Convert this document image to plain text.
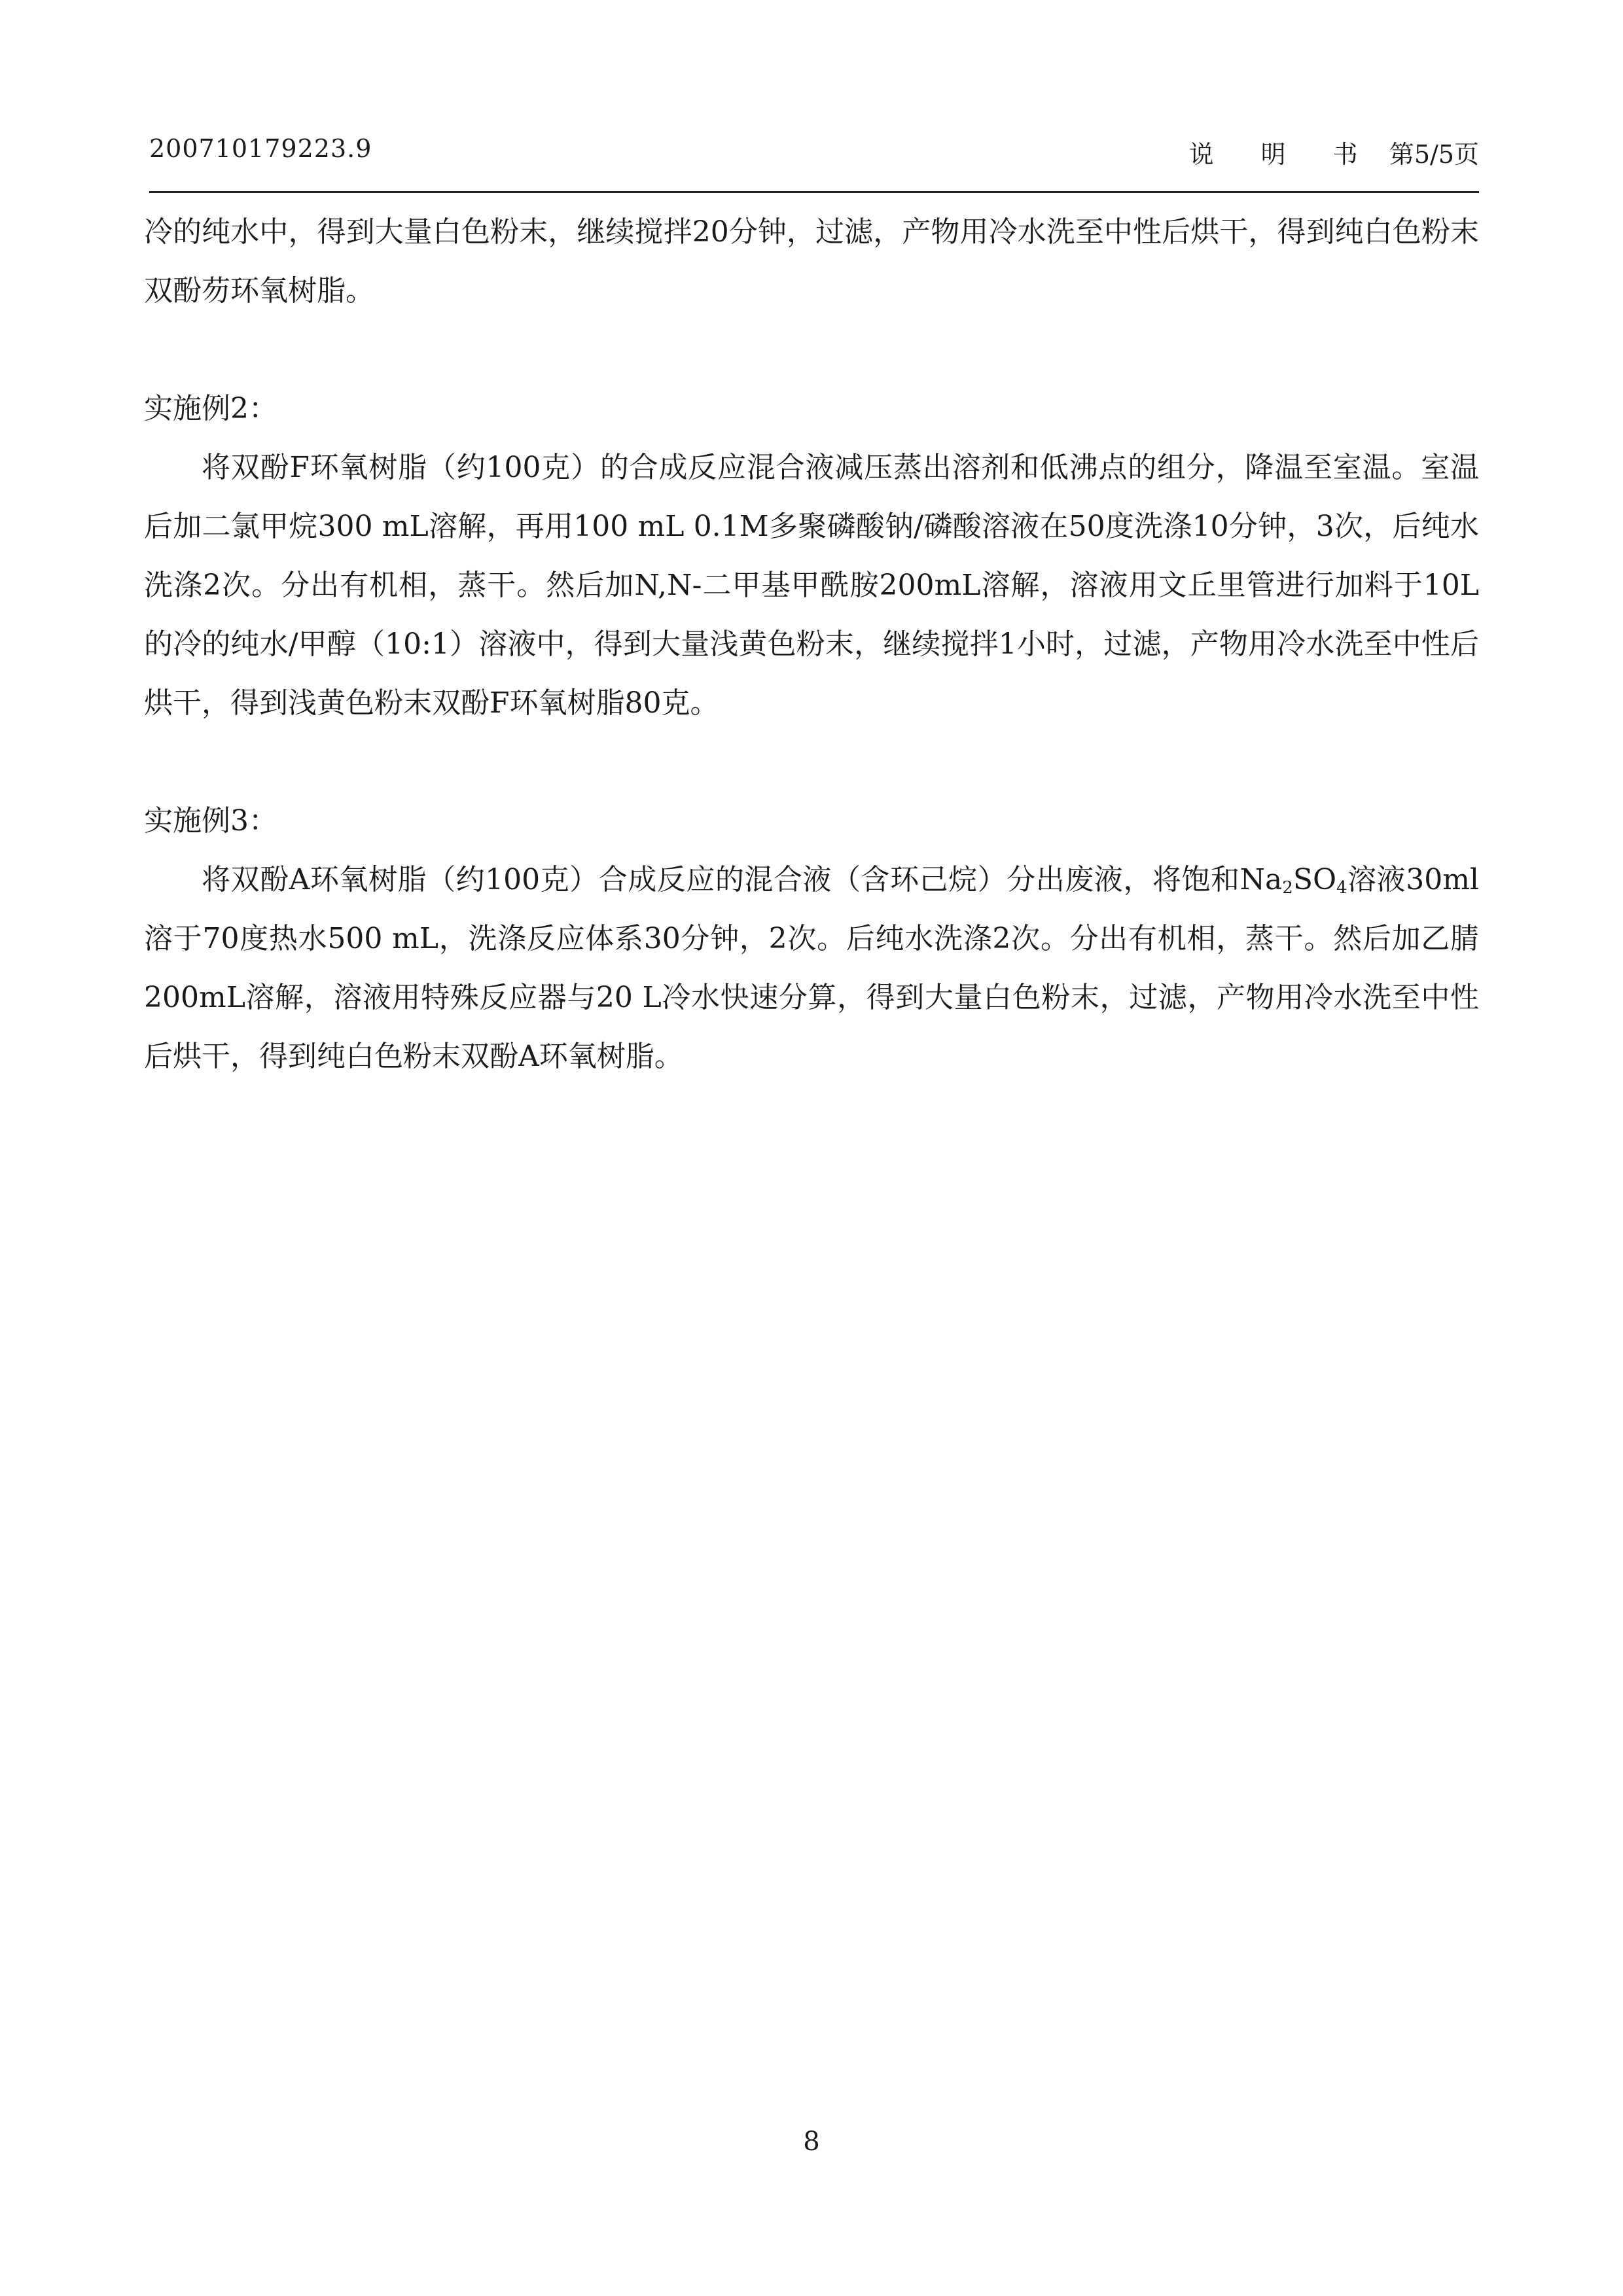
200710179223.9	说 明 书 第5/5页

冷的纯水中，得到大量白色粉末，继续搅拌20分钟，过滤，产物用冷水洗至中性后烘干，得到纯白色粉末双酚芴环氧树脂。

实施例2：

将双酚F环氧树脂（约100克）的合成反应混合液减压蒸出溶剂和低沸点的组分，降温至室温。室温后加二氯甲烷300 mL溶解，再用100 mL 0.1M多聚磷酸钠/磷酸溶液在50度洗涤10分钟，3次，后纯水洗涤2次。分出有机相，蒸干。然后加N,N-二甲基甲酰胺200mL溶解，溶液用文丘里管进行加料于10L的冷的纯水/甲醇（10:1）溶液中，得到大量浅黄色粉末，继续搅拌1小时，过滤，产物用冷水洗至中性后烘干，得到浅黄色粉末双酚F环氧树脂80克。

实施例3：

将双酚A环氧树脂（约100克）合成反应的混合液（含环己烷）分出废液，将饱和$Na_2SO_4$溶液30ml溶于70度热水500 mL，洗涤反应体系30分钟，2次。后纯水洗涤2次。分出有机相，蒸干。然后加乙腈200mL溶解，溶液用特殊反应器与20 L冷水快速分算，得到大量白色粉末，过滤，产物用冷水洗至中性后烘干，得到纯白色粉末双酚A环氧树脂。

8
